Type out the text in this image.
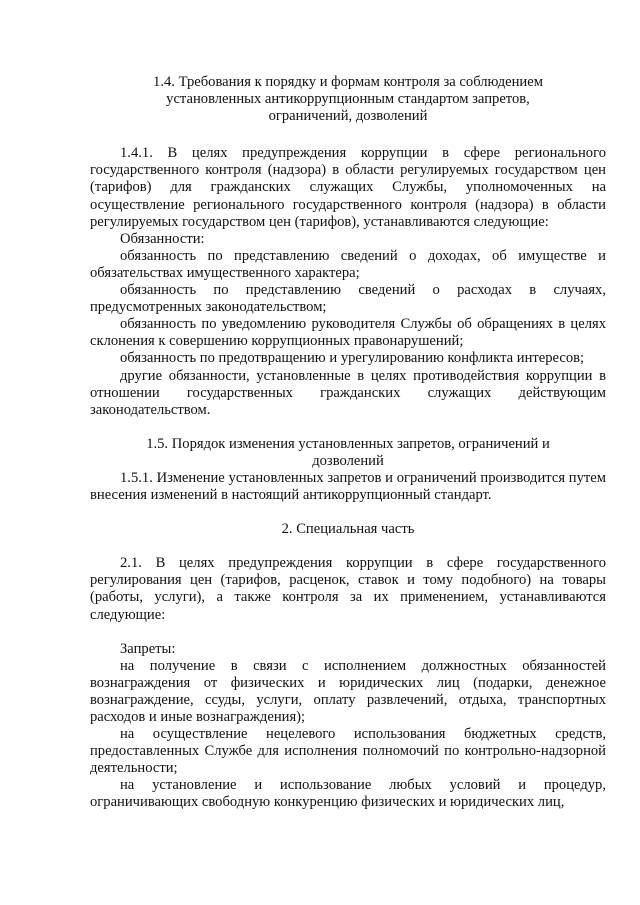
1.4. Требования к порядку и формам контроля за соблюдением установленных антикоррупционным стандартом запретов, ограничений, дозволений

1.4.1. В целях предупреждения коррупции в сфере регионального государственного контроля (надзора) в области регулируемых государством цен (тарифов) для гражданских служащих Службы, уполномоченных на осуществление регионального государственного контроля (надзора) в области регулируемых государством цен (тарифов), устанавливаются следующие:

Обязанности:

обязанность по представлению сведений о доходах, об имуществе и обязательствах имущественного характера;

обязанность по представлению сведений о расходах в случаях, предусмотренных законодательством;

обязанность по уведомлению руководителя Службы об обращениях в целях склонения к совершению коррупционных правонарушений;

обязанность по предотвращению и урегулированию конфликта интересов;

другие обязанности, установленные в целях противодействия коррупции в отношении государственных гражданских служащих действующим законодательством.

1.5. Порядок изменения установленных запретов, ограничений и дозволений

1.5.1. Изменение установленных запретов и ограничений производится путем внесения изменений в настоящий антикоррупционный стандарт.

2. Специальная часть

2.1. В целях предупреждения коррупции в сфере государственного регулирования цен (тарифов, расценок, ставок и тому подобного) на товары (работы, услуги), а также контроля за их применением, устанавливаются следующие:

Запреты:

на получение в связи с исполнением должностных обязанностей вознаграждения от физических и юридических лиц (подарки, денежное вознаграждение, ссуды, услуги, оплату развлечений, отдыха, транспортных расходов и иные вознаграждения);

на осуществление нецелевого использования бюджетных средств, предоставленных Службе для исполнения полномочий по контрольно-надзорной деятельности;

на установление и использование любых условий и процедур, ограничивающих свободную конкуренцию физических и юридических лиц,
